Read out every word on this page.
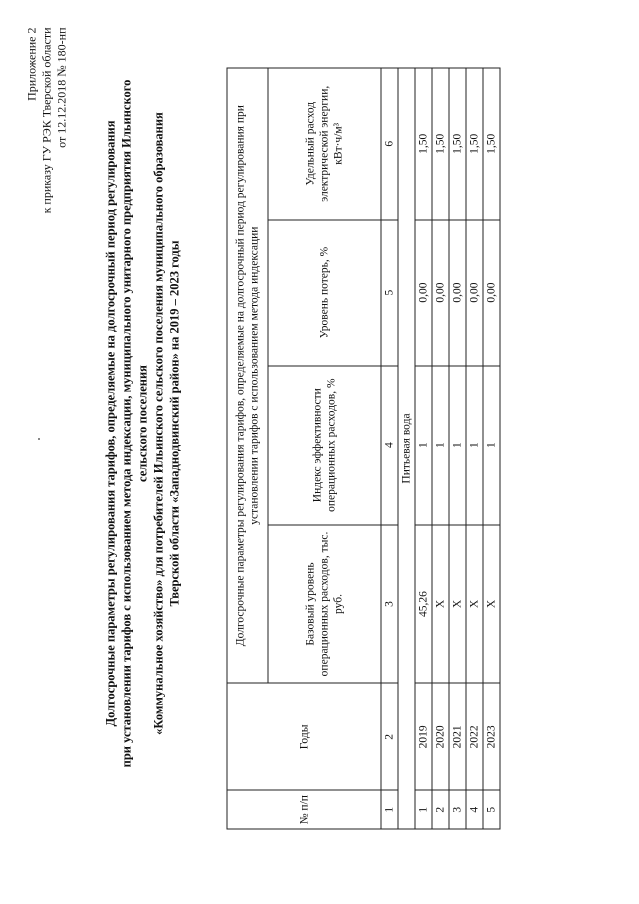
Приложение 2 к приказу ГУ РЭК Тверской области от 12.12.2018 № 180-нп
Долгосрочные параметры регулирования тарифов, определяемые на долгосрочный период регулирования при установлении тарифов с использованием метода индексации, муниципального унитарного предприятия Ильинского сельского поселения «Коммунальное хозяйство» для потребителей Ильинского сельского поселения муниципального образования Тверской области «Западнодвинский район» на 2019 – 2023 годы
№ п/п	Годы	Долгосрочные параметры регулирования тарифов, определяемые на долгосрочный период регулирования при установлении тарифов с использованием метода индексации			
		Базовый уровень операционных расходов, тыс. руб.	Индекс эффективности операционных расходов, %	Уровень потерь, %	Удельный расход электрической энергии, кВт·ч/м³
1	2	3	4	5	6
Питьевая вода					
1	2019	45,26	1	0,00	1,50
2	2020	X	1	0,00	1,50
3	2021	X	1	0,00	1,50
4	2022	X	1	0,00	1,50
5	2023	X	1	0,00	1,50
